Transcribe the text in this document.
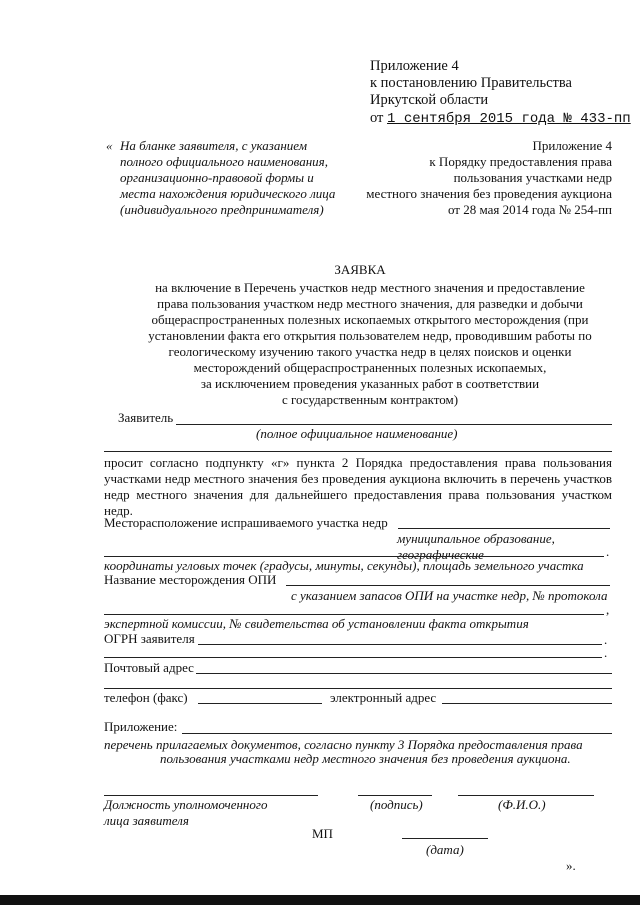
Приложение 4
к постановлению Правительства
Иркутской области
от 1 сентября 2015 года № 433-пп
« На бланке заявителя, с указанием
полного официального наименования,
организационно-правовой формы и
места нахождения юридического лица
(индивидуального предпринимателя)
Приложение 4
к Порядку предоставления права
пользования участками недр
местного значения без проведения аукциона
от 28 мая 2014 года № 254-пп
ЗАЯВКА
на включение в Перечень участков недр местного значения и предоставление
права пользования участком недр местного значения, для разведки и добычи
общераспространенных полезных ископаемых открытого месторождения (при
установлении факта его открытия пользователем недр, проводившим работы по
геологическому изучению такого участка недр в целях поисков и оценки
месторождений общераспространенных полезных ископаемых,
за исключением проведения указанных работ в соответствии
с государственным контрактом)
Заявитель
(полное официальное наименование)
просит согласно подпункту «г» пункта 2 Порядка предоставления права пользования участками недр местного значения без проведения аукциона включить в перечень участков недр местного значения для дальнейшего предоставления права пользования участком недр.
Месторасположение испрашиваемого участка недр
муниципальное образование, географические	.
координаты угловых точек (градусы, минуты, секунды), площадь земельного участка
Название месторождения ОПИ
с указанием запасов ОПИ на участке недр, № протокола
,
экспертной комиссии, № свидетельства об установлении факта открытия
ОГРН заявителя	.
.
Почтовый адрес
телефон (факс)	электронный адрес
Приложение:
перечень прилагаемых документов, согласно пункту 3 Порядка предоставления права
пользования участками недр местного значения без проведения аукциона.
Должность уполномоченного
лица заявителя
(подпись)	(Ф.И.О.)
МП
(дата)
».
